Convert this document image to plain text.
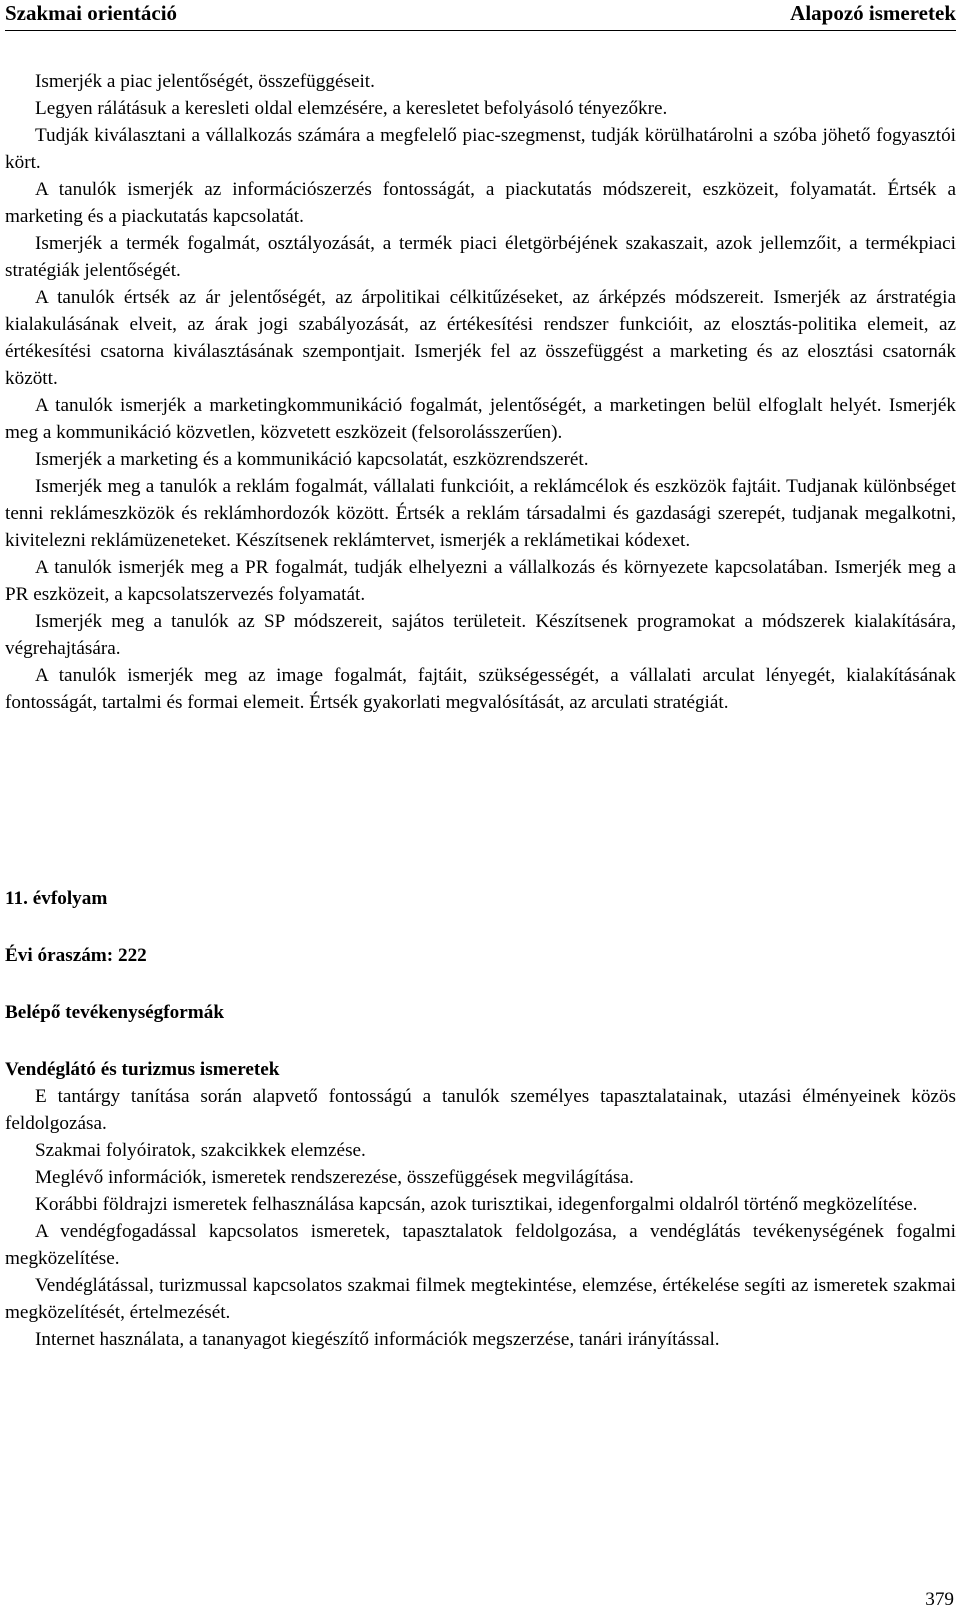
Szakmai orientáció	Alapozó ismeretek

Ismerjék a piac jelentőségét, összefüggéseit.

Legyen rálátásuk a keresleti oldal elemzésére, a keresletet befolyásoló tényezőkre.

Tudják kiválasztani a vállalkozás számára a megfelelő piac-szegmenst, tudják körülhatárolni a szóba jöhető fogyasztói kört.

A tanulók ismerjék az információszerzés fontosságát, a piackutatás módszereit, eszközeit, folyamatát. Értsék a marketing és a piackutatás kapcsolatát.

Ismerjék a termék fogalmát, osztályozását, a termék piaci életgörbéjének szakaszait, azok jellemzőit, a termékpiaci stratégiák jelentőségét.

A tanulók értsék az ár jelentőségét, az árpolitikai célkitűzéseket, az árképzés módszereit. Ismerjék az árstratégia kialakulásának elveit, az árak jogi szabályozását, az értékesítési rendszer funkcióit, az elosztás-politika elemeit, az értékesítési csatorna kiválasztásának szempontjait. Ismerjék fel az összefüggést a marketing és az elosztási csatornák között.

A tanulók ismerjék a marketingkommunikáció fogalmát, jelentőségét, a marketingen belül elfoglalt helyét. Ismerjék meg a kommunikáció közvetlen, közvetett eszközeit (felsorolásszerűen).

Ismerjék a marketing és a kommunikáció kapcsolatát, eszközrendszerét.

Ismerjék meg a tanulók a reklám fogalmát, vállalati funkcióit, a reklámcélok és eszközök fajtáit. Tudjanak különbséget tenni reklámeszközök és reklámhordozók között. Értsék a reklám társadalmi és gazdasági szerepét, tudjanak megalkotni, kivitelezni reklámüzeneteket. Készítsenek reklámtervet, ismerjék a reklámetikai kódexet.

A tanulók ismerjék meg a PR fogalmát, tudják elhelyezni a vállalkozás és környezete kapcsolatában. Ismerjék meg a PR eszközeit, a kapcsolatszervezés folyamatát.

Ismerjék meg a tanulók az SP módszereit, sajátos területeit. Készítsenek programokat a módszerek kialakítására, végrehajtására.

A tanulók ismerjék meg az image fogalmát, fajtáit, szükségességét, a vállalati arculat lényegét, kialakításának fontosságát, tartalmi és formai elemeit. Értsék gyakorlati megvalósítását, az arculati stratégiát.

11. évfolyam

Évi óraszám: 222

Belépő tevékenységformák

Vendéglátó és turizmus ismeretek

E tantárgy tanítása során alapvető fontosságú a tanulók személyes tapasztalatainak, utazási élményeinek közös feldolgozása.

Szakmai folyóiratok, szakcikkek elemzése.

Meglévő információk, ismeretek rendszerezése, összefüggések megvilágítása.

Korábbi földrajzi ismeretek felhasználása kapcsán, azok turisztikai, idegenforgalmi oldalról történő megközelítése.

A vendégfogadással kapcsolatos ismeretek, tapasztalatok feldolgozása, a vendéglátás tevékenységének fogalmi megközelítése.

Vendéglátással, turizmussal kapcsolatos szakmai filmek megtekintése, elemzése, értékelése segíti az ismeretek szakmai megközelítését, értelmezését.

Internet használata, a tananyagot kiegészítő információk megszerzése, tanári irányítással.

379
